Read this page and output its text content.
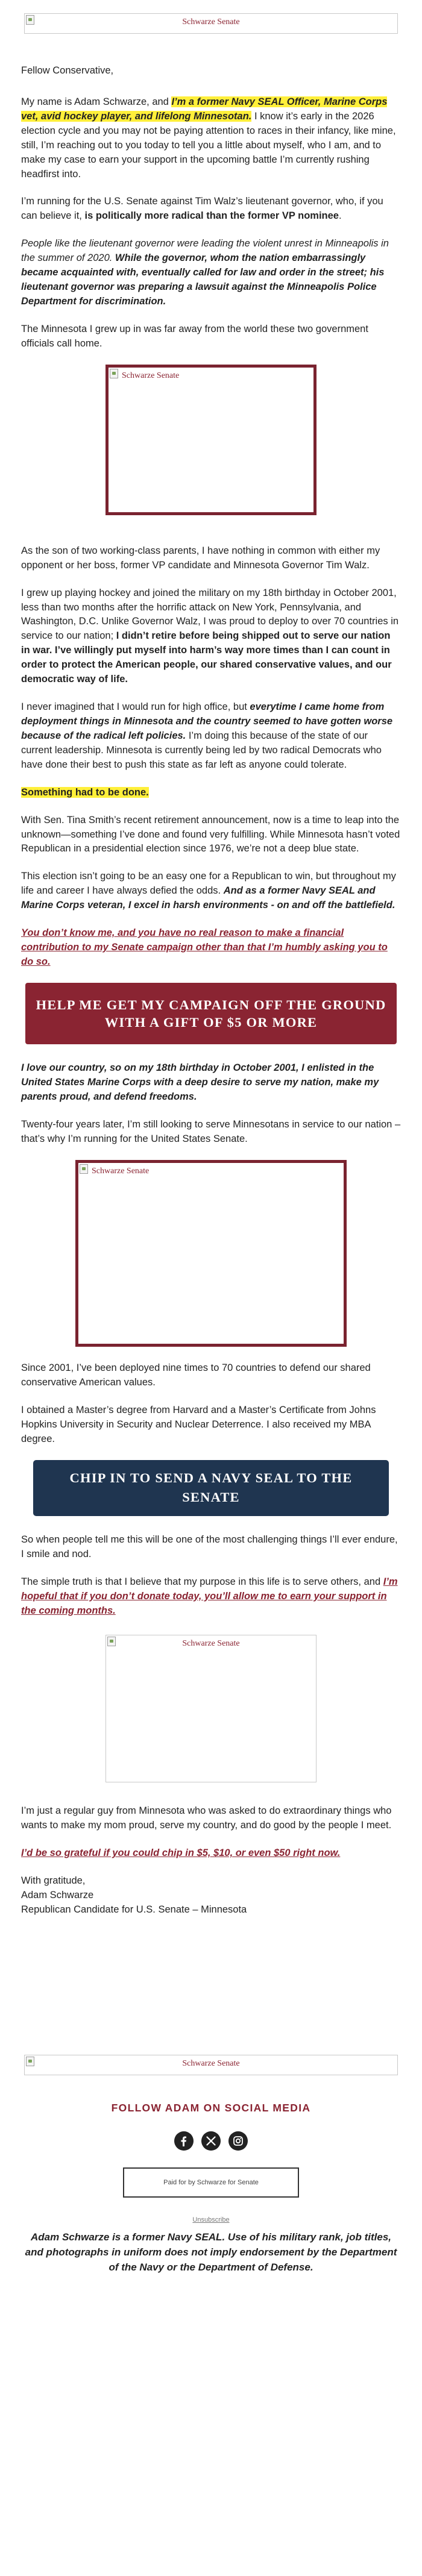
Schwarze Senate

Fellow Conservative,

My name is Adam Schwarze, and I’m a former Navy SEAL Officer, Marine Corps vet, avid hockey player, and lifelong Minnesotan. I know it’s early in the 2026 election cycle and you may not be paying attention to races in their infancy, like mine, still, I’m reaching out to you today to tell you a little about myself, who I am, and to make my case to earn your support in the upcoming battle I’m currently rushing headfirst into.

I’m running for the U.S. Senate against Tim Walz’s lieutenant governor, who, if you can believe it, is politically more radical than the former VP nominee.

People like the lieutenant governor were leading the violent unrest in Minneapolis in the summer of 2020. While the governor, whom the nation embarrassingly became acquainted with, eventually called for law and order in the street; his lieutenant governor was preparing a lawsuit against the Minneapolis Police Department for discrimination.

The Minnesota I grew up in was far away from the world these two government officials call home.

Schwarze Senate

As the son of two working-class parents, I have nothing in common with either my opponent or her boss, former VP candidate and Minnesota Governor Tim Walz.

I grew up playing hockey and joined the military on my 18th birthday in October 2001, less than two months after the horrific attack on New York, Pennsylvania, and Washington, D.C. Unlike Governor Walz, I was proud to deploy to over 70 countries in service to our nation; I didn’t retire before being shipped out to serve our nation in war. I’ve willingly put myself into harm’s way more times than I can count in order to protect the American people, our shared conservative values, and our democratic way of life.

I never imagined that I would run for high office, but everytime I came home from deployment things in Minnesota and the country seemed to have gotten worse because of the radical left policies. I’m doing this because of the state of our current leadership. Minnesota is currently being led by two radical Democrats who have done their best to push this state as far left as anyone could tolerate.

Something had to be done.

With Sen. Tina Smith’s recent retirement announcement, now is a time to leap into the unknown—something I’ve done and found very fulfilling. While Minnesota hasn’t voted Republican in a presidential election since 1976, we’re not a deep blue state.

This election isn’t going to be an easy one for a Republican to win, but throughout my life and career I have always defied the odds. And as a former Navy SEAL and Marine Corps veteran, I excel in harsh environments - on and off the battlefield.

You don’t know me, and you have no real reason to make a financial contribution to my Senate campaign other than that I’m humbly asking you to do so.

HELP ME GET MY CAMPAIGN OFF THE GROUND WITH A GIFT OF $5 OR MORE

I love our country, so on my 18th birthday in October 2001, I enlisted in the United States Marine Corps with a deep desire to serve my nation, make my parents proud, and defend freedoms.

Twenty-four years later, I’m still looking to serve Minnesotans in service to our nation – that’s why I’m running for the United States Senate.

Schwarze Senate

Since 2001, I’ve been deployed nine times to 70 countries to defend our shared conservative American values.

I obtained a Master’s degree from Harvard and a Master’s Certificate from Johns Hopkins University in Security and Nuclear Deterrence. I also received my MBA degree.

CHIP IN TO SEND A NAVY SEAL TO THE SENATE

So when people tell me this will be one of the most challenging things I’ll ever endure, I smile and nod.

The simple truth is that I believe that my purpose in this life is to serve others, and I’m hopeful that if you don’t donate today, you’ll allow me to earn your support in the coming months.

Schwarze Senate

I’m just a regular guy from Minnesota who was asked to do extraordinary things who wants to make my mom proud, serve my country, and do good by the people I meet.

I’d be so grateful if you could chip in $5, $10, or even $50 right now.

With gratitude,
Adam Schwarze
Republican Candidate for U.S. Senate – Minnesota

Schwarze Senate
FOLLOW ADAM ON SOCIAL MEDIA

Paid for by Schwarze for Senate
Unsubscribe
Adam Schwarze is a former Navy SEAL. Use of his military rank, job titles, and photographs in uniform does not imply endorsement by the Department of the Navy or the Department of Defense.
